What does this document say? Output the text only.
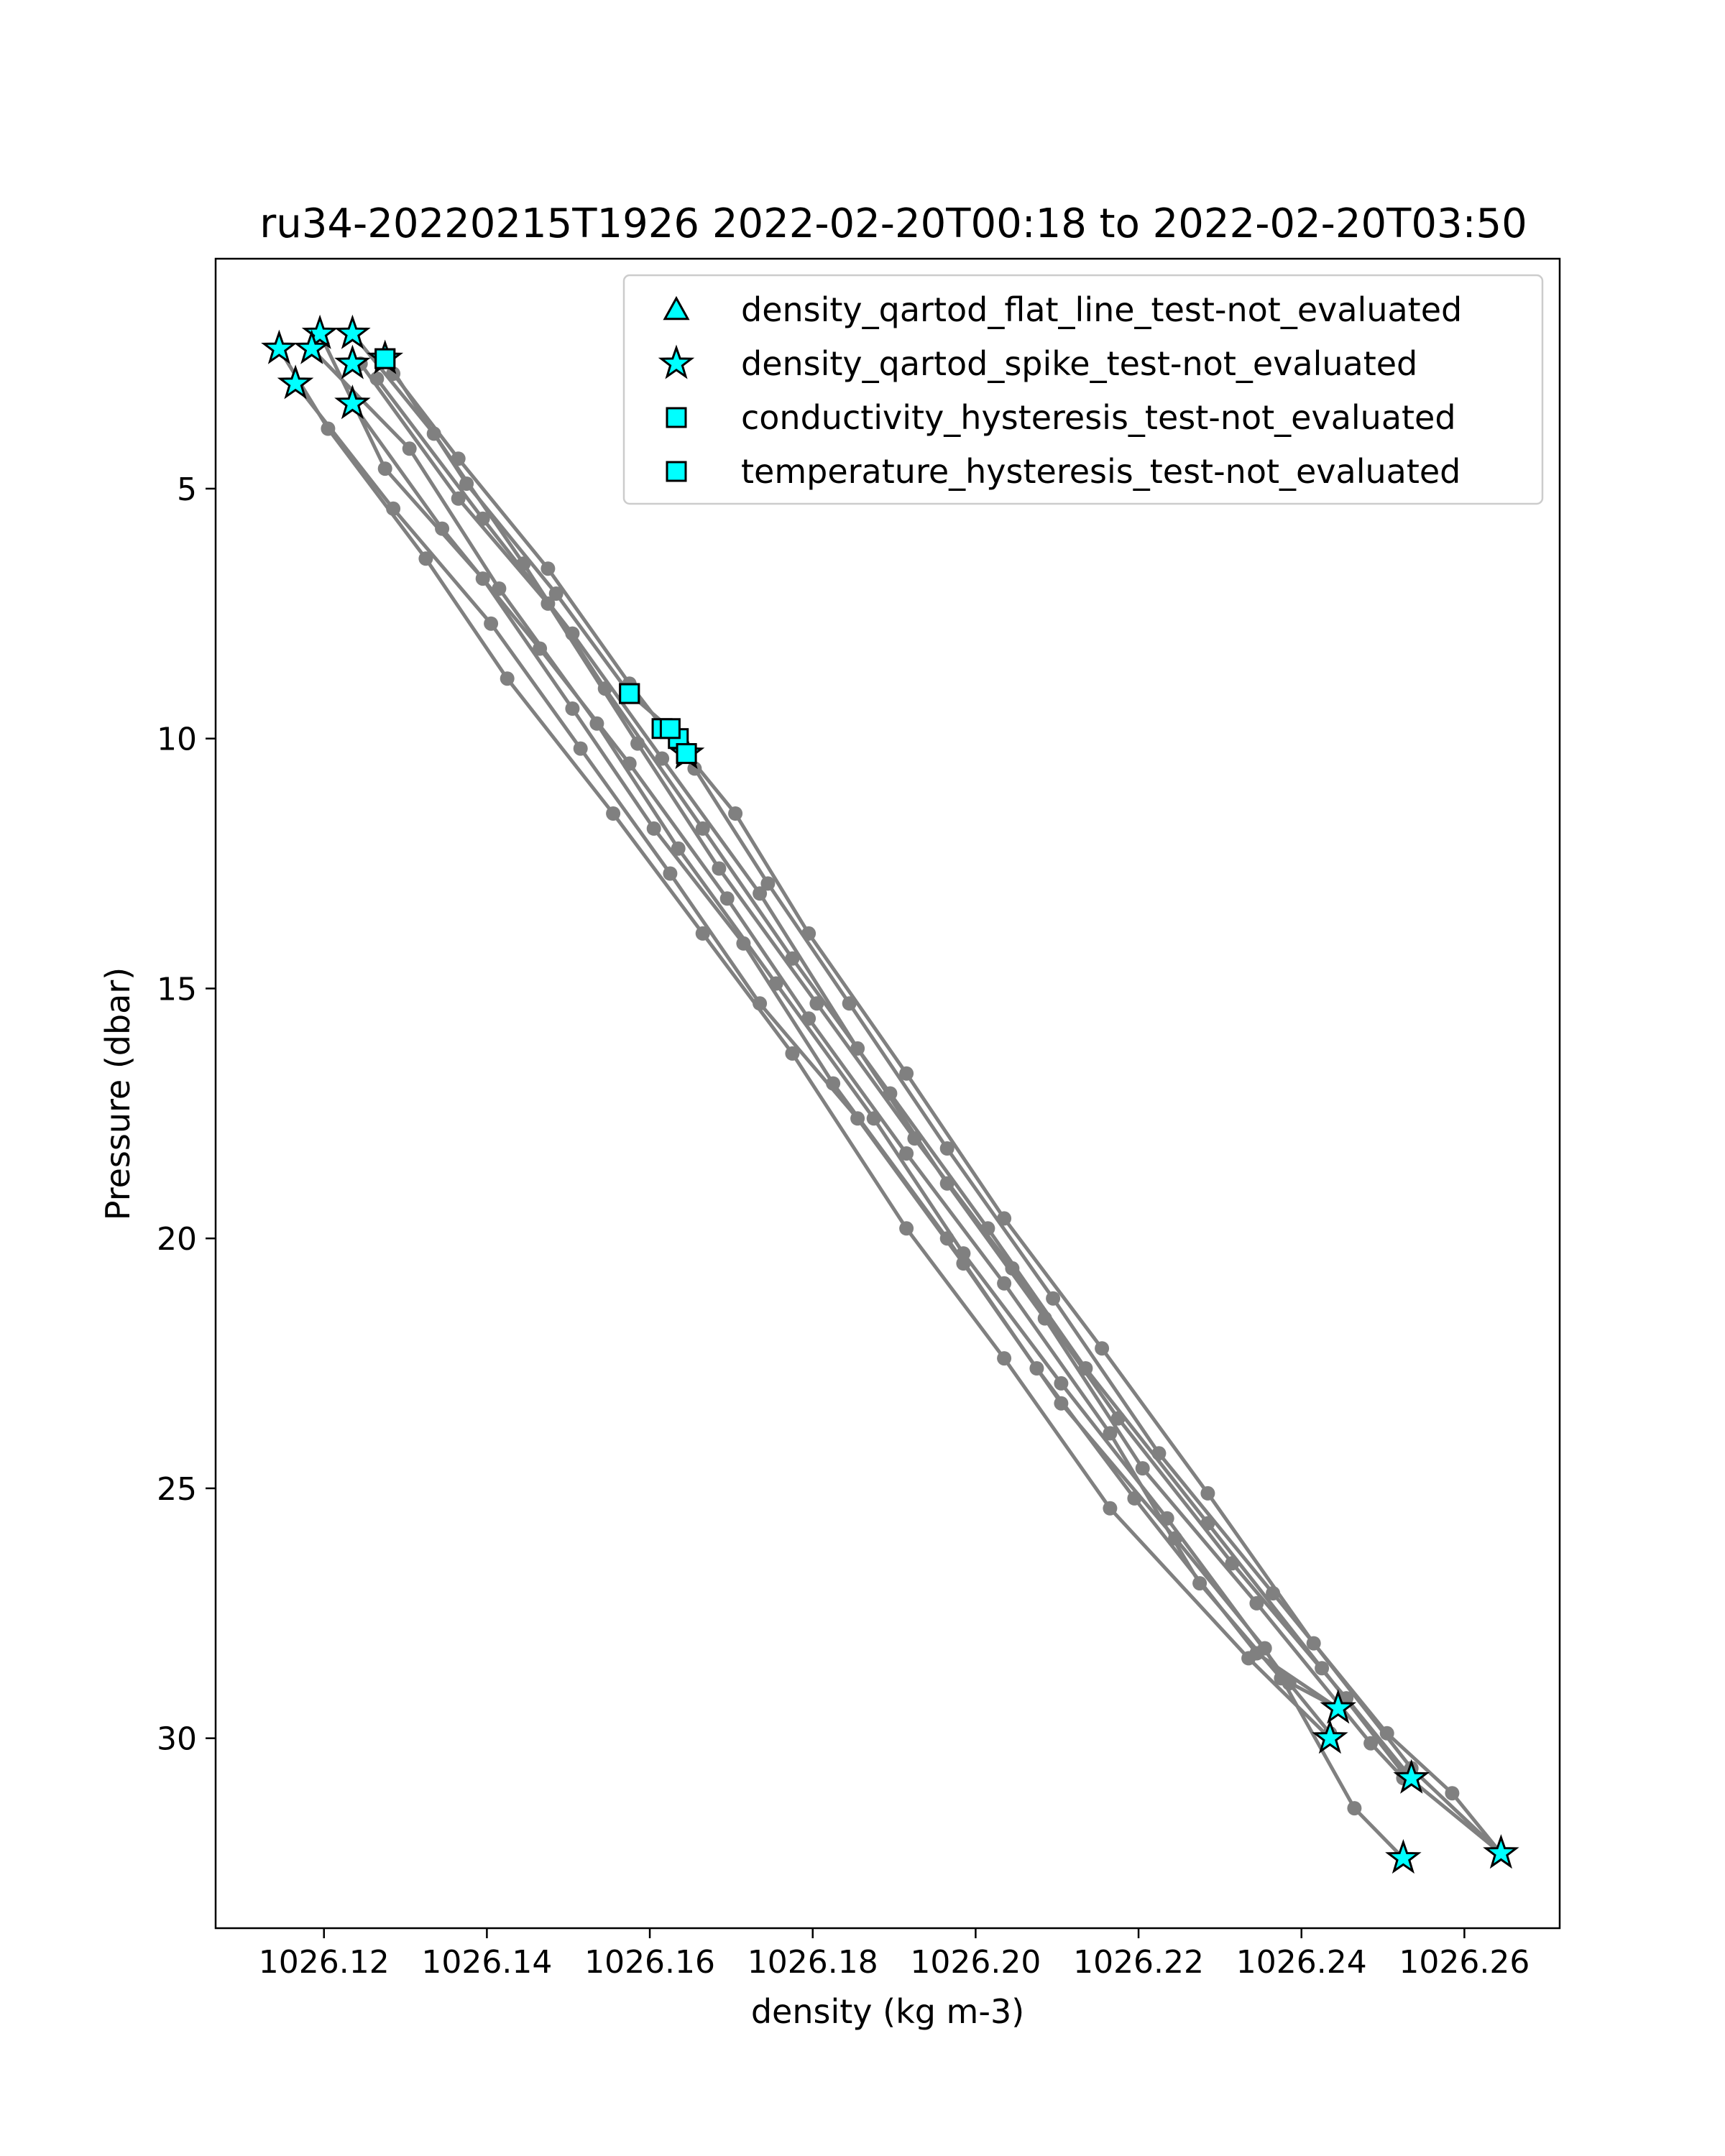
ru34-20220215T1926 2022-02-20T00:18 to 2022-02-20T03:50
1026.12 1026.14 1026.16 1026.18 1026.20 1026.22 1026.24 1026.26
5
10
15
20
25
30
density (kg m-3)
Pressure (dbar)
density_qartod_flat_line_test-not_evaluated
density_qartod_spike_test-not_evaluated
conductivity_hysteresis_test-not_evaluated
temperature_hysteresis_test-not_evaluated
